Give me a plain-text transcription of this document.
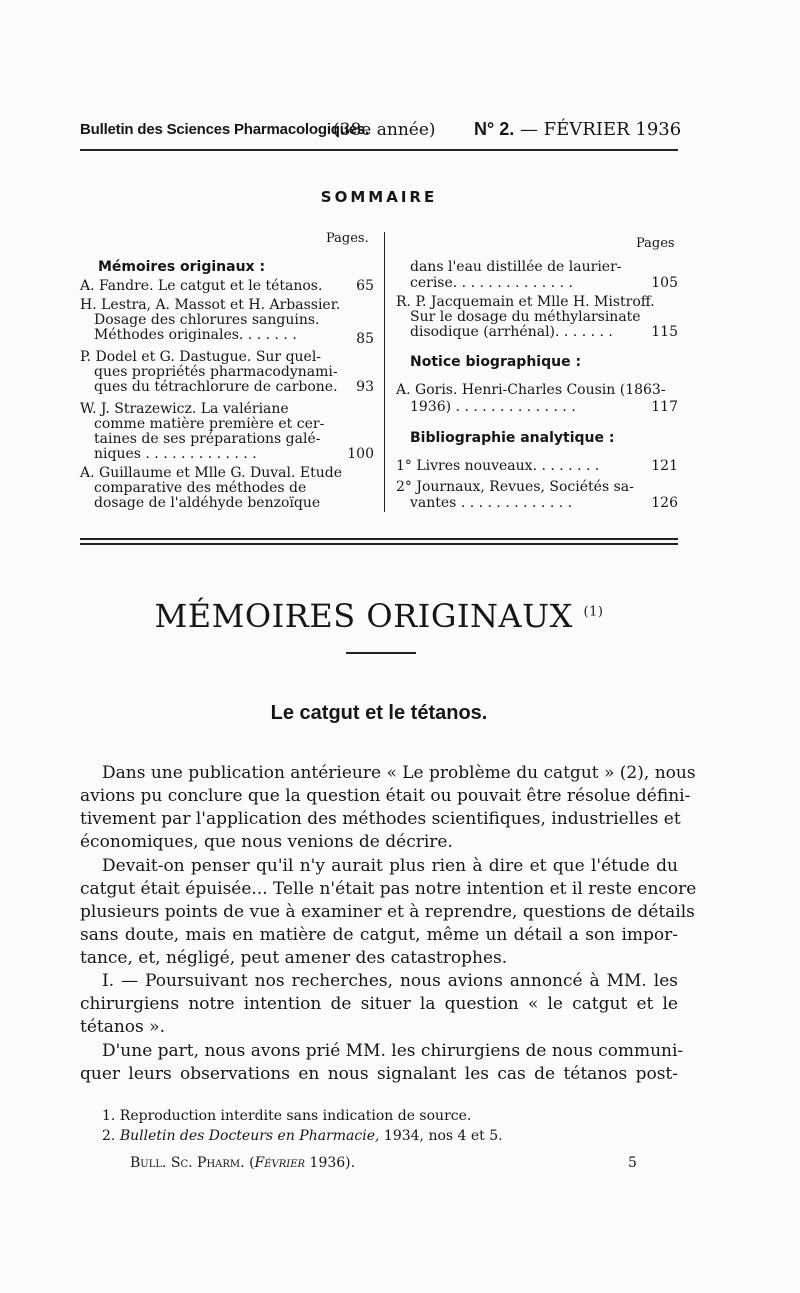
Bulletin des Sciences Pharmacologiques.
(38e année) N° 2. — FÉVRIER 1936
SOMMAIRE
Pages.	Pages
Mémoires originaux :
A. Fandre. Le catgut et le tétanos.	65
H. Lestra, A. Massot et H. Arbassier.
Dosage des chlorures sanguins.
Méthodes originales. . . . . . .	85
P. Dodel et G. Dastugue. Sur quel-
ques propriétés pharmacodynami-
ques du tétrachlorure de carbone.	93
W. J. Strazewicz. La valériane
comme matière première et cer-
taines de ses préparations galé-
niques . . . . . . . . . . . . .	100
A. Guillaume et Mlle G. Duval. Etude
comparative des méthodes de
dosage de l'aldéhyde benzoïque
dans l'eau distillée de laurier-
cerise. . . . . . . . . . . . . .	105
R. P. Jacquemain et Mlle H. Mistroff.
Sur le dosage du méthylarsinate
disodique (arrhénal). . . . . . .	115
Notice biographique :
A. Goris. Henri-Charles Cousin (1863-
1936) . . . . . . . . . . . . . .	117
Bibliographie analytique :
1° Livres nouveaux. . . . . . . .	121
2° Journaux, Revues, Sociétés sa-
vantes . . . . . . . . . . . . .	126
MÉMOIRES ORIGINAUX $^{(1)}$
Le catgut et le tétanos.
Dans une publication antérieure « Le problème du catgut » (2), nous
avions pu conclure que la question était ou pouvait être résolue défini-
tivement par l'application des méthodes scientifiques, industrielles et
économiques, que nous venions de décrire.
Devait-on penser qu'il n'y aurait plus rien à dire et que l'étude du
catgut était épuisée... Telle n'était pas notre intention et il reste encore
plusieurs points de vue à examiner et à reprendre, questions de détails
sans doute, mais en matière de catgut, même un détail a son impor-
tance, et, négligé, peut amener des catastrophes.
I. — Poursuivant nos recherches, nous avions annoncé à MM. les
chirurgiens notre intention de situer la question « le catgut et le
tétanos ».
D'une part, nous avons prié MM. les chirurgiens de nous communi-
quer leurs observations en nous signalant les cas de tétanos post-
1. Reproduction interdite sans indication de source.
2. Bulletin des Docteurs en Pharmacie, 1934, nos 4 et 5.
Bull. Sc. Pharm. (Février 1936).	5
